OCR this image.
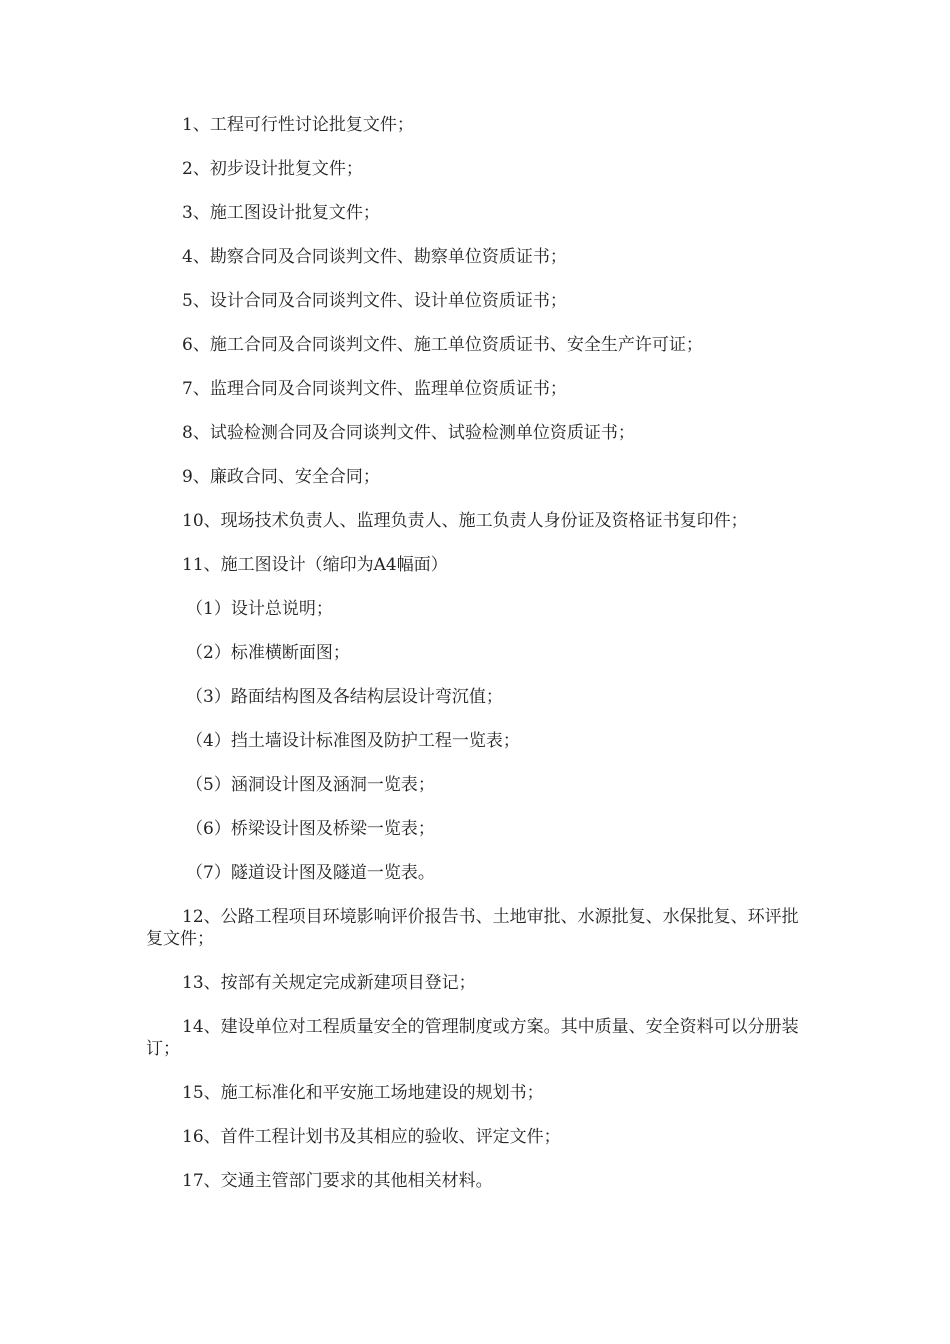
1、工程可行性讨论批复文件；

2、初步设计批复文件；

3、施工图设计批复文件；

4、勘察合同及合同谈判文件、勘察单位资质证书；

5、设计合同及合同谈判文件、设计单位资质证书；

6、施工合同及合同谈判文件、施工单位资质证书、安全生产许可证；

7、监理合同及合同谈判文件、监理单位资质证书；

8、试验检测合同及合同谈判文件、试验检测单位资质证书；

9、廉政合同、安全合同；

10、现场技术负责人、监理负责人、施工负责人身份证及资格证书复印件；

11、施工图设计（缩印为A4幅面）

（1）设计总说明；

（2）标准横断面图；

（3）路面结构图及各结构层设计弯沉值；

（4）挡土墙设计标准图及防护工程一览表；

（5）涵洞设计图及涵洞一览表；

（6）桥梁设计图及桥梁一览表；

（7）隧道设计图及隧道一览表。

12、公路工程项目环境影响评价报告书、土地审批、水源批复、水保批复、环评批复文件；

13、按部有关规定完成新建项目登记；

14、建设单位对工程质量安全的管理制度或方案。其中质量、安全资料可以分册装订；

15、施工标准化和平安施工场地建设的规划书；

16、首件工程计划书及其相应的验收、评定文件；

17、交通主管部门要求的其他相关材料。
